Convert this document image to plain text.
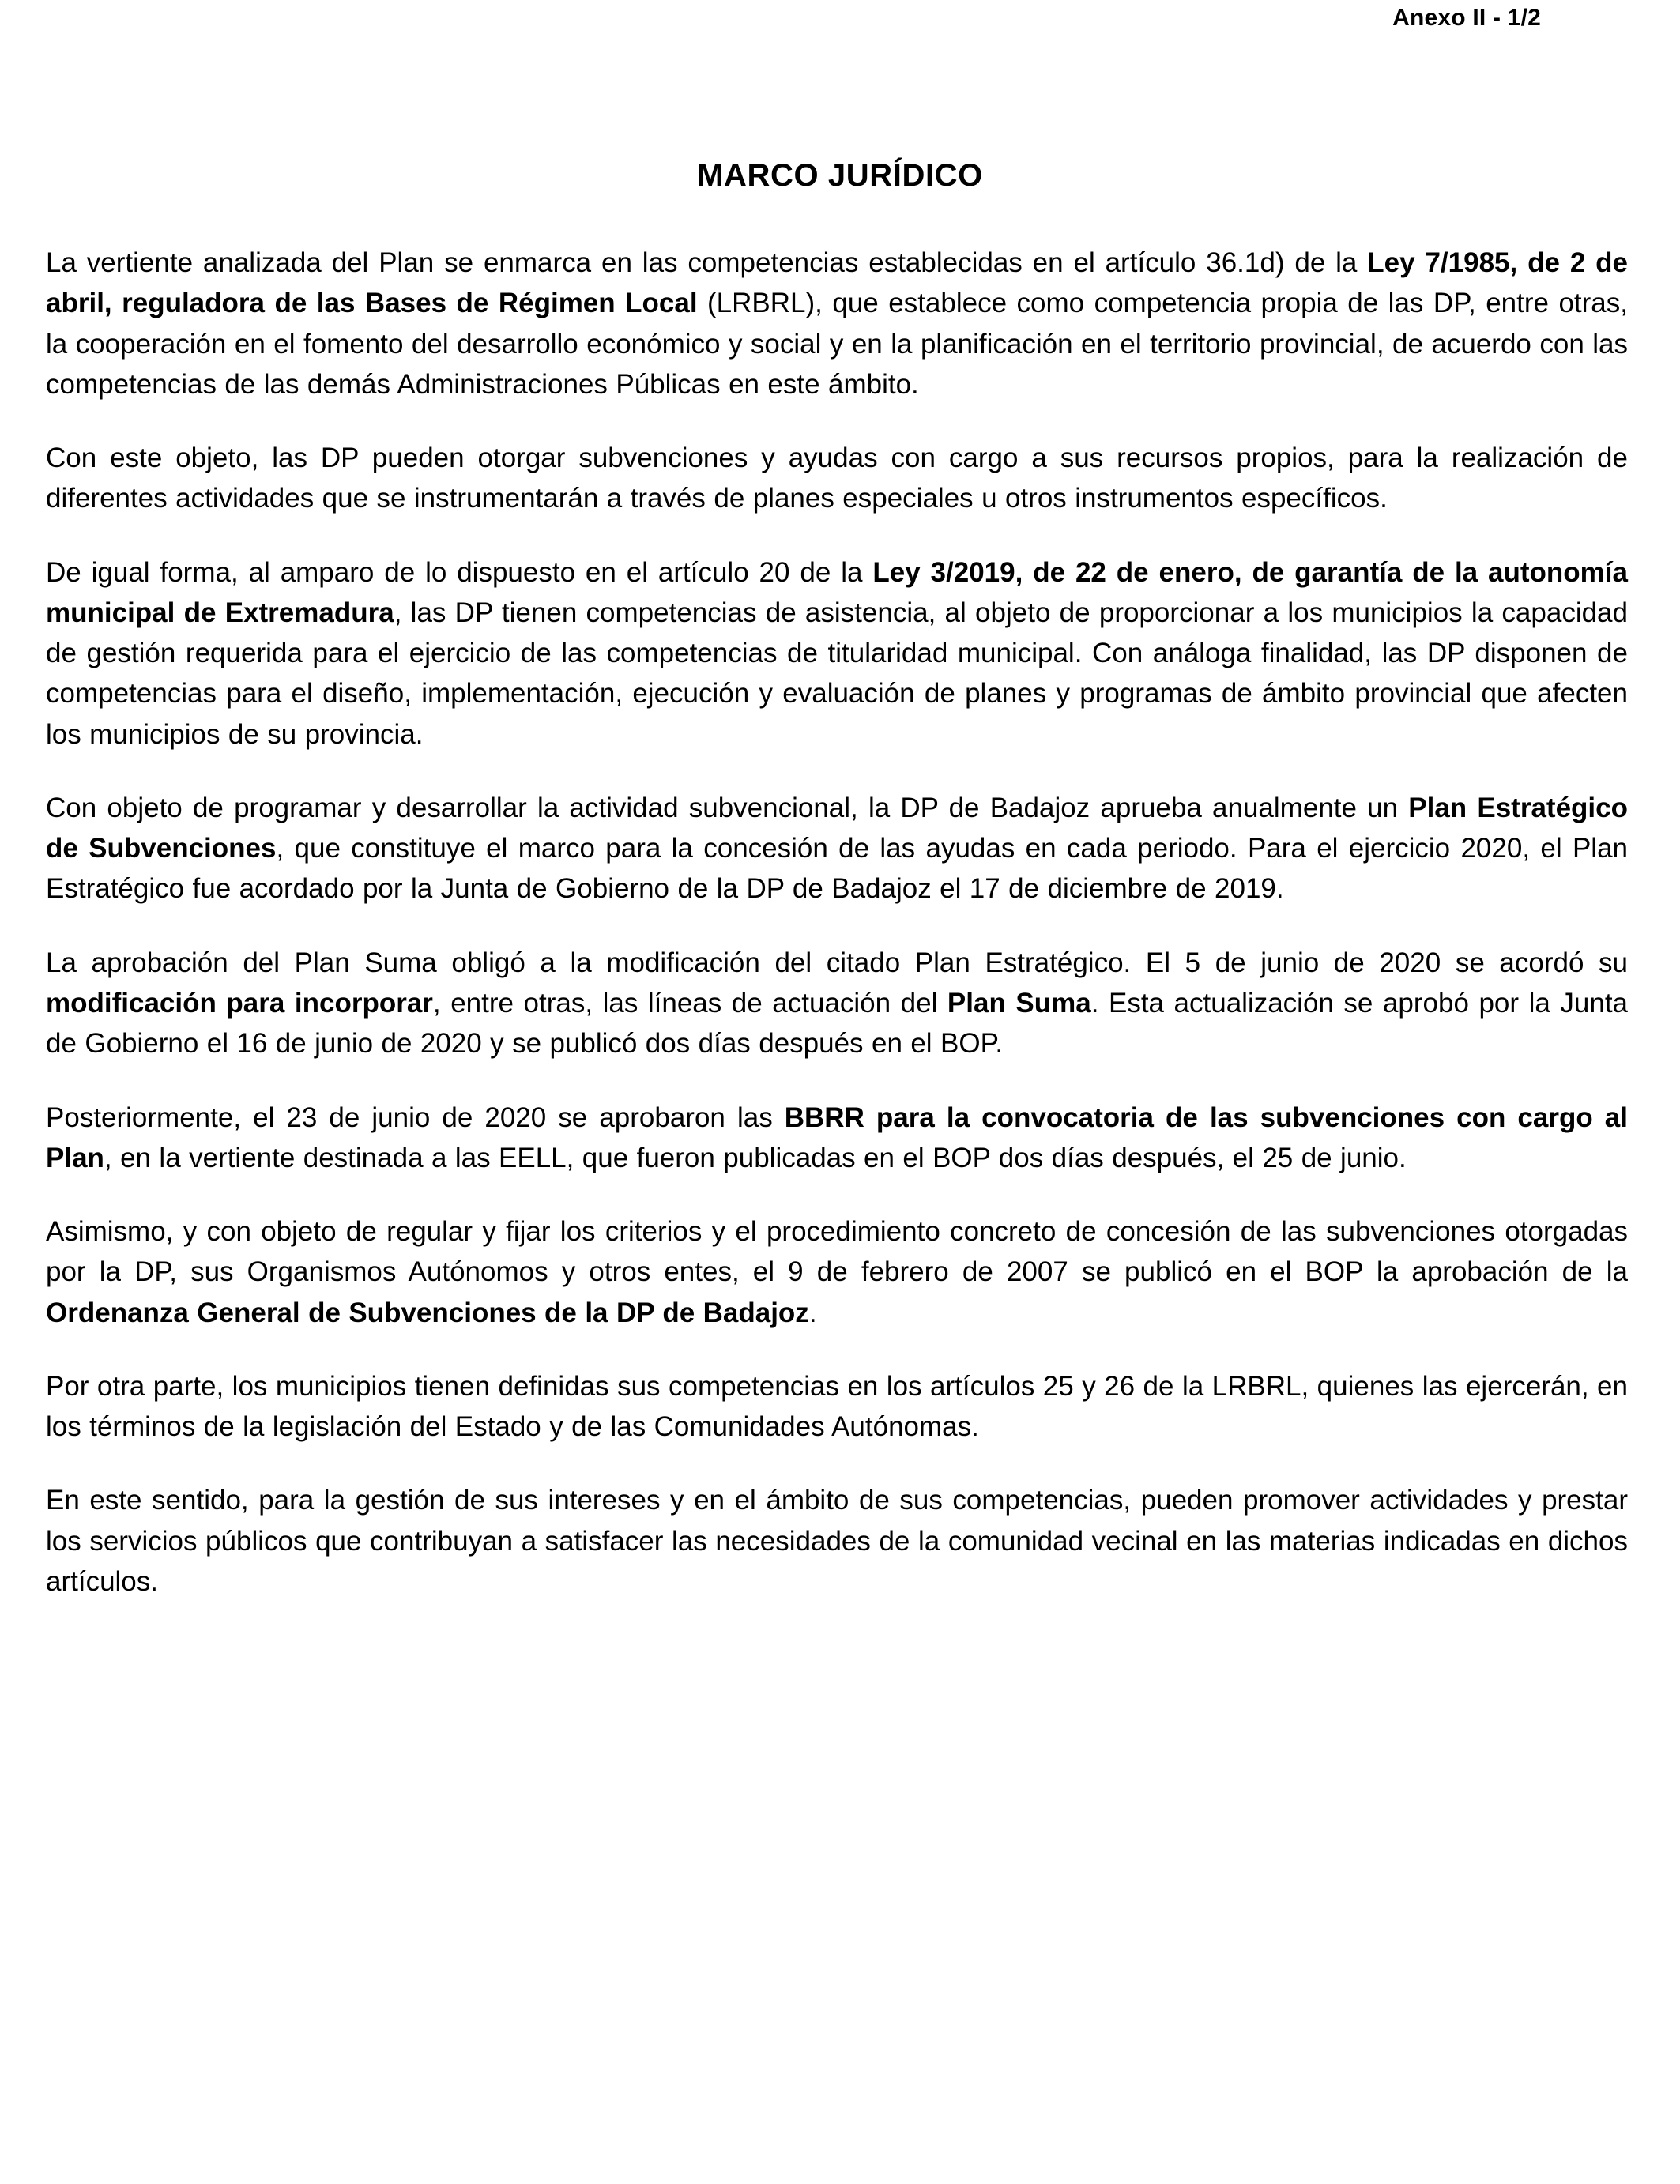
Anexo II - 1/2
MARCO JURÍDICO

La vertiente analizada del Plan se enmarca en las competencias establecidas en el artículo 36.1d) de la Ley 7/1985, de 2 de abril, reguladora de las Bases de Régimen Local (LRBRL), que establece como competencia propia de las DP, entre otras, la cooperación en el fomento del desarrollo económico y social y en la planificación en el territorio provincial, de acuerdo con las competencias de las demás Administraciones Públicas en este ámbito.

Con este objeto, las DP pueden otorgar subvenciones y ayudas con cargo a sus recursos propios, para la realización de diferentes actividades que se instrumentarán a través de planes especiales u otros instrumentos específicos.

De igual forma, al amparo de lo dispuesto en el artículo 20 de la Ley 3/2019, de 22 de enero, de garantía de la autonomía municipal de Extremadura, las DP tienen competencias de asistencia, al objeto de proporcionar a los municipios la capacidad de gestión requerida para el ejercicio de las competencias de titularidad municipal. Con análoga finalidad, las DP disponen de competencias para el diseño, implementación, ejecución y evaluación de planes y programas de ámbito provincial que afecten los municipios de su provincia.

Con objeto de programar y desarrollar la actividad subvencional, la DP de Badajoz aprueba anualmente un Plan Estratégico de Subvenciones, que constituye el marco para la concesión de las ayudas en cada periodo. Para el ejercicio 2020, el Plan Estratégico fue acordado por la Junta de Gobierno de la DP de Badajoz el 17 de diciembre de 2019.

La aprobación del Plan Suma obligó a la modificación del citado Plan Estratégico. El 5 de junio de 2020 se acordó su modificación para incorporar, entre otras, las líneas de actuación del Plan Suma. Esta actualización se aprobó por la Junta de Gobierno el 16 de junio de 2020 y se publicó dos días después en el BOP.

Posteriormente, el 23 de junio de 2020 se aprobaron las BBRR para la convocatoria de las subvenciones con cargo al Plan, en la vertiente destinada a las EELL, que fueron publicadas en el BOP dos días después, el 25 de junio.

Asimismo, y con objeto de regular y fijar los criterios y el procedimiento concreto de concesión de las subvenciones otorgadas por la DP, sus Organismos Autónomos y otros entes, el 9 de febrero de 2007 se publicó en el BOP la aprobación de la Ordenanza General de Subvenciones de la DP de Badajoz.

Por otra parte, los municipios tienen definidas sus competencias en los artículos 25 y 26 de la LRBRL, quienes las ejercerán, en los términos de la legislación del Estado y de las Comunidades Autónomas.

En este sentido, para la gestión de sus intereses y en el ámbito de sus competencias, pueden promover actividades y prestar los servicios públicos que contribuyan a satisfacer las necesidades de la comunidad vecinal en las materias indicadas en dichos artículos.
